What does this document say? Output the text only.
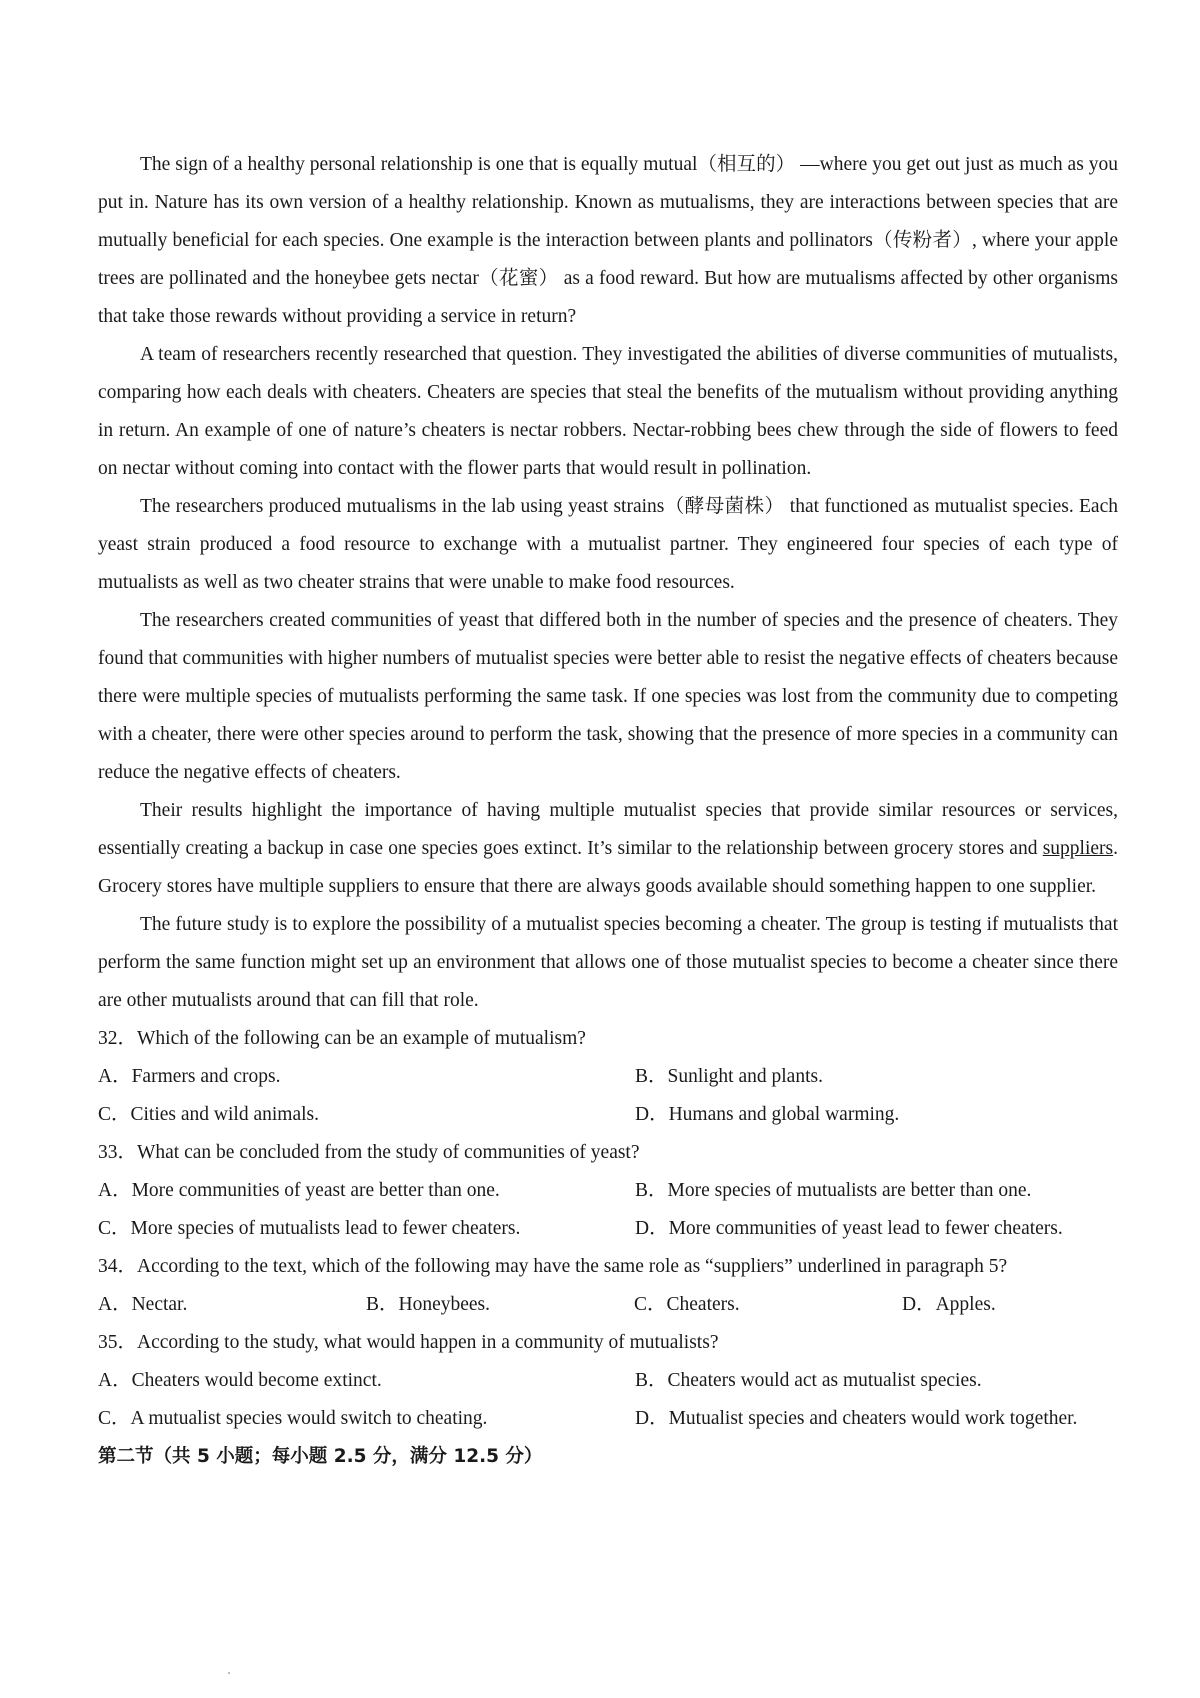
The sign of a healthy personal relationship is one that is equally mutual（相互的） —where you get out just as much as you put in. Nature has its own version of a healthy relationship. Known as mutualisms, they are interactions between species that are mutually beneficial for each species. One example is the interaction between plants and pollinators（传粉者）, where your apple trees are pollinated and the honeybee gets nectar（花蜜） as a food reward. But how are mutualisms affected by other organisms that take those rewards without providing a service in return?

A team of researchers recently researched that question. They investigated the abilities of diverse communities of mutualists, comparing how each deals with cheaters. Cheaters are species that steal the benefits of the mutualism without providing anything in return. An example of one of nature’s cheaters is nectar robbers. Nectar-robbing bees chew through the side of flowers to feed on nectar without coming into contact with the flower parts that would result in pollination.

The researchers produced mutualisms in the lab using yeast strains（酵母菌株） that functioned as mutualist species. Each yeast strain produced a food resource to exchange with a mutualist partner. They engineered four species of each type of mutualists as well as two cheater strains that were unable to make food resources.

The researchers created communities of yeast that differed both in the number of species and the presence of cheaters. They found that communities with higher numbers of mutualist species were better able to resist the negative effects of cheaters because there were multiple species of mutualists performing the same task. If one species was lost from the community due to competing with a cheater, there were other species around to perform the task, showing that the presence of more species in a community can reduce the negative effects of cheaters.

Their results highlight the importance of having multiple mutualist species that provide similar resources or services, essentially creating a backup in case one species goes extinct. It’s similar to the relationship between grocery stores and suppliers. Grocery stores have multiple suppliers to ensure that there are always goods available should something happen to one supplier.

The future study is to explore the possibility of a mutualist species becoming a cheater. The group is testing if mutualists that perform the same function might set up an environment that allows one of those mutualist species to become a cheater since there are other mutualists around that can fill that role.

32．Which of the following can be an example of mutualism?

A．Farmers and crops.	B．Sunlight and plants.
C．Cities and wild animals.	D．Humans and global warming.

33．What can be concluded from the study of communities of yeast?

A．More communities of yeast are better than one.	B．More species of mutualists are better than one.
C．More species of mutualists lead to fewer cheaters.	D．More communities of yeast lead to fewer cheaters.

34．According to the text, which of the following may have the same role as “suppliers” underlined in paragraph 5?

A．Nectar.	B．Honeybees.	C．Cheaters.	D．Apples.

35．According to the study, what would happen in a community of mutualists?

A．Cheaters would become extinct.	B．Cheaters would act as mutualist species.
C．A mutualist species would switch to cheating.	D．Mutualist species and cheaters would work together.

第二节（共 5 小题；每小题 2.5 分，满分 12.5 分）
